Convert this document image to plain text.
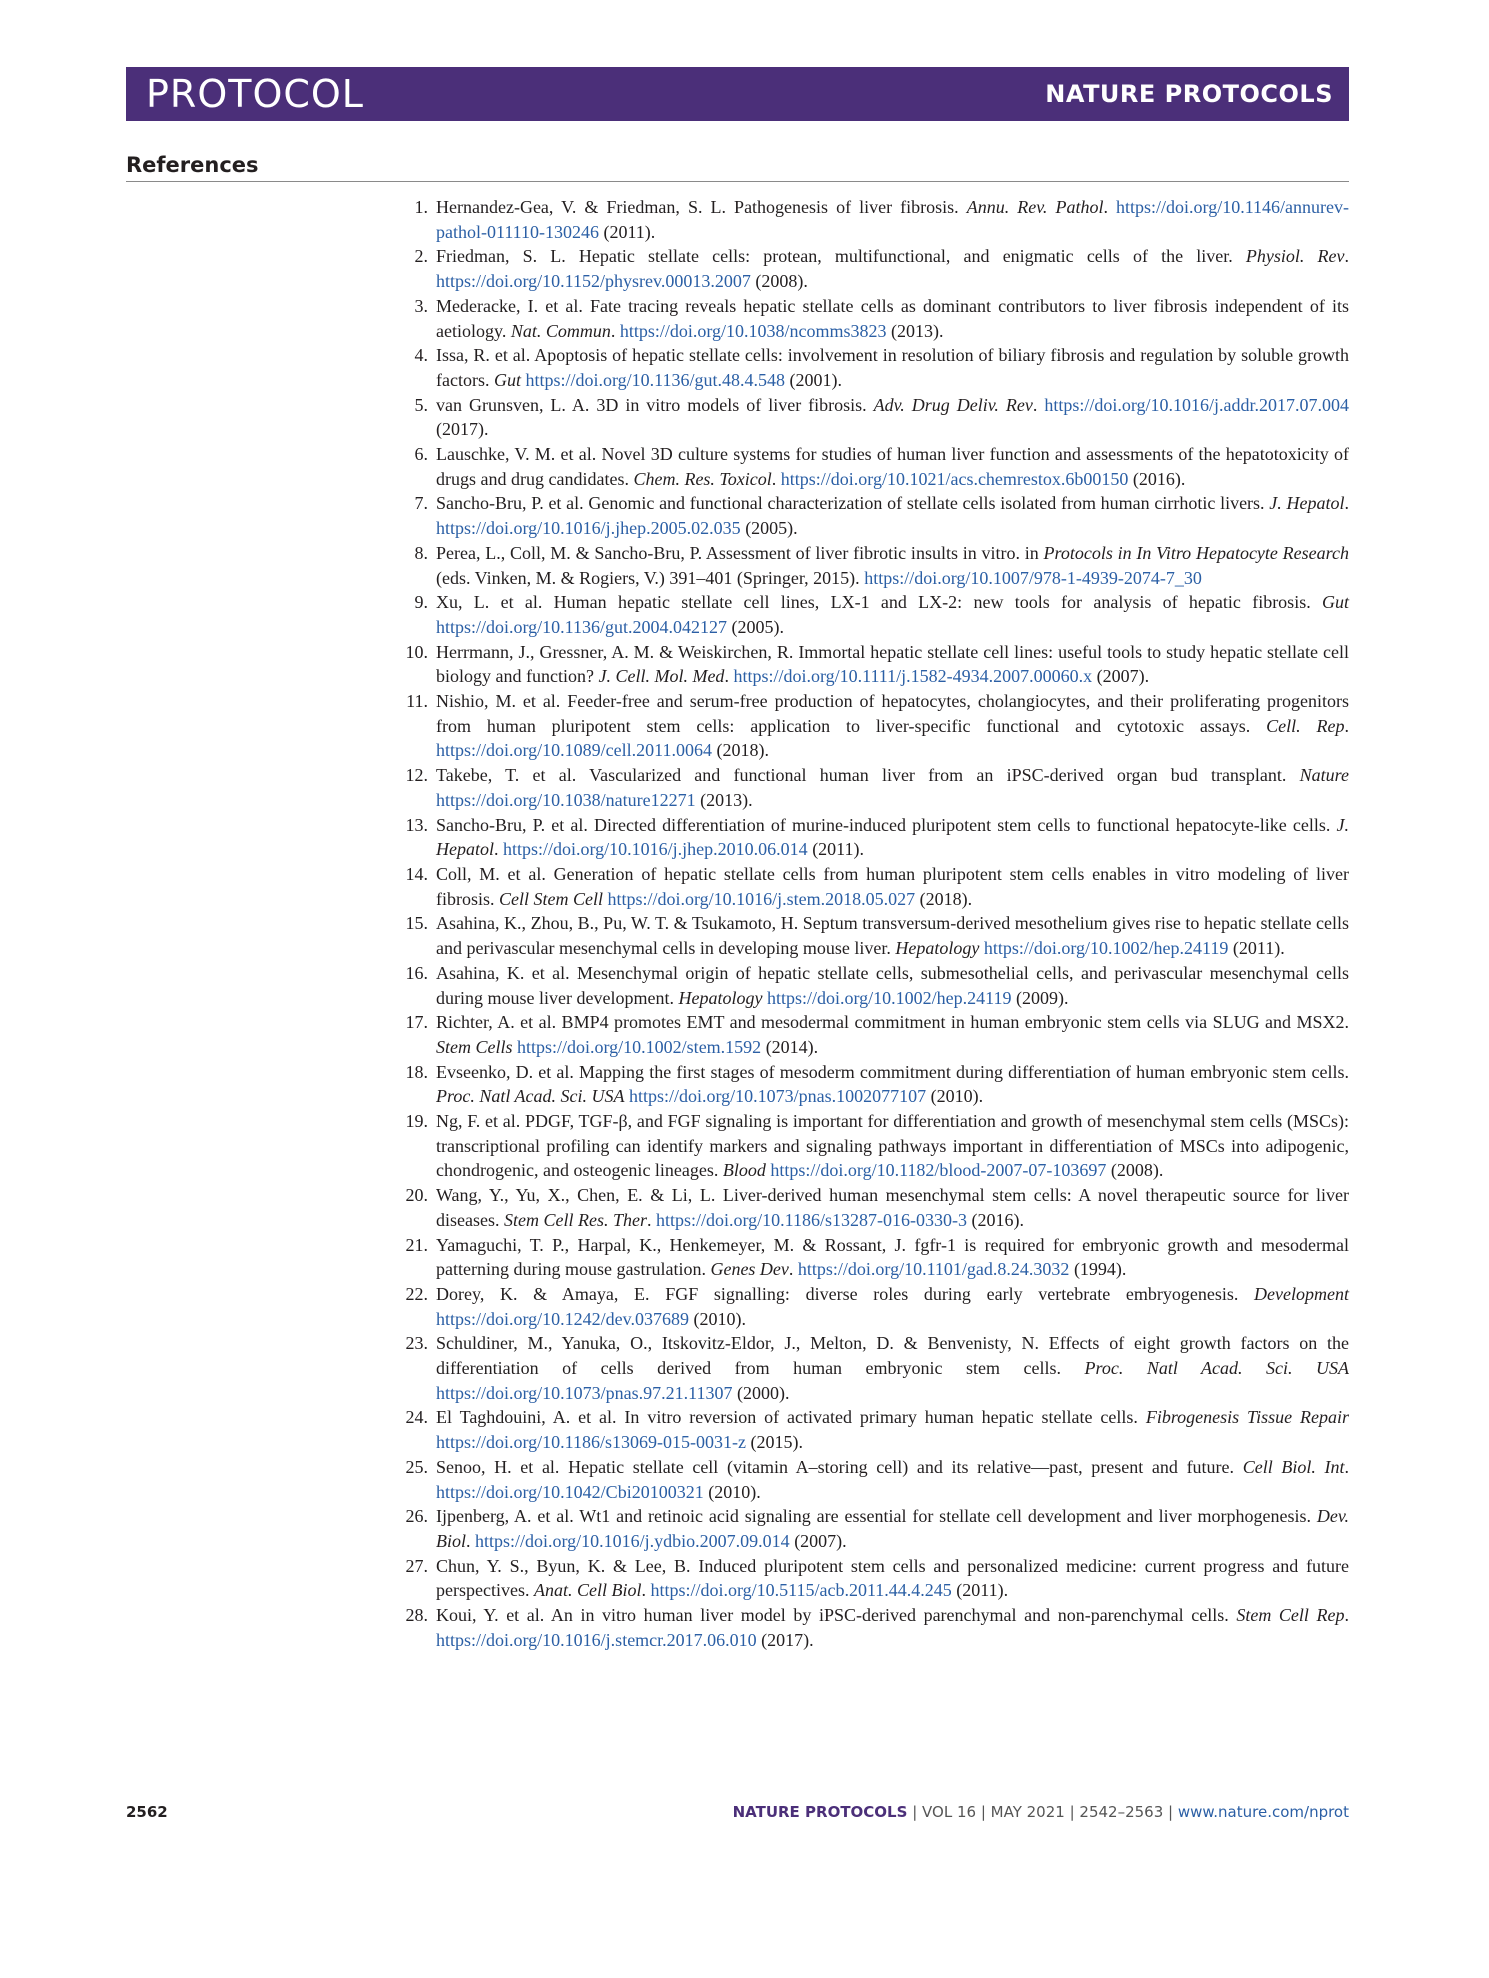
PROTOCOL	NATURE PROTOCOLS
References
1. Hernandez-Gea, V. & Friedman, S. L. Pathogenesis of liver fibrosis. Annu. Rev. Pathol. https://doi.org/10.1146/annurev-pathol-011110-130246 (2011).
2. Friedman, S. L. Hepatic stellate cells: protean, multifunctional, and enigmatic cells of the liver. Physiol. Rev. https://doi.org/10.1152/physrev.00013.2007 (2008).
3. Mederacke, I. et al. Fate tracing reveals hepatic stellate cells as dominant contributors to liver fibrosis independent of its aetiology. Nat. Commun. https://doi.org/10.1038/ncomms3823 (2013).
4. Issa, R. et al. Apoptosis of hepatic stellate cells: involvement in resolution of biliary fibrosis and regulation by soluble growth factors. Gut https://doi.org/10.1136/gut.48.4.548 (2001).
5. van Grunsven, L. A. 3D in vitro models of liver fibrosis. Adv. Drug Deliv. Rev. https://doi.org/10.1016/j.addr.2017.07.004 (2017).
6. Lauschke, V. M. et al. Novel 3D culture systems for studies of human liver function and assessments of the hepatotoxicity of drugs and drug candidates. Chem. Res. Toxicol. https://doi.org/10.1021/acs.chemrestox.6b00150 (2016).
7. Sancho-Bru, P. et al. Genomic and functional characterization of stellate cells isolated from human cirrhotic livers. J. Hepatol. https://doi.org/10.1016/j.jhep.2005.02.035 (2005).
8. Perea, L., Coll, M. & Sancho-Bru, P. Assessment of liver fibrotic insults in vitro. in Protocols in In Vitro Hepatocyte Research (eds. Vinken, M. & Rogiers, V.) 391–401 (Springer, 2015). https://doi.org/10.1007/978-1-4939-2074-7_30
9. Xu, L. et al. Human hepatic stellate cell lines, LX-1 and LX-2: new tools for analysis of hepatic fibrosis. Gut https://doi.org/10.1136/gut.2004.042127 (2005).
10. Herrmann, J., Gressner, A. M. & Weiskirchen, R. Immortal hepatic stellate cell lines: useful tools to study hepatic stellate cell biology and function? J. Cell. Mol. Med. https://doi.org/10.1111/j.1582-4934.2007.00060.x (2007).
11. Nishio, M. et al. Feeder-free and serum-free production of hepatocytes, cholangiocytes, and their proliferating progenitors from human pluripotent stem cells: application to liver-specific functional and cytotoxic assays. Cell. Rep. https://doi.org/10.1089/cell.2011.0064 (2018).
12. Takebe, T. et al. Vascularized and functional human liver from an iPSC-derived organ bud transplant. Nature https://doi.org/10.1038/nature12271 (2013).
13. Sancho-Bru, P. et al. Directed differentiation of murine-induced pluripotent stem cells to functional hepatocyte-like cells. J. Hepatol. https://doi.org/10.1016/j.jhep.2010.06.014 (2011).
14. Coll, M. et al. Generation of hepatic stellate cells from human pluripotent stem cells enables in vitro modeling of liver fibrosis. Cell Stem Cell https://doi.org/10.1016/j.stem.2018.05.027 (2018).
15. Asahina, K., Zhou, B., Pu, W. T. & Tsukamoto, H. Septum transversum-derived mesothelium gives rise to hepatic stellate cells and perivascular mesenchymal cells in developing mouse liver. Hepatology https://doi.org/10.1002/hep.24119 (2011).
16. Asahina, K. et al. Mesenchymal origin of hepatic stellate cells, submesothelial cells, and perivascular mesenchymal cells during mouse liver development. Hepatology https://doi.org/10.1002/hep.24119 (2009).
17. Richter, A. et al. BMP4 promotes EMT and mesodermal commitment in human embryonic stem cells via SLUG and MSX2. Stem Cells https://doi.org/10.1002/stem.1592 (2014).
18. Evseenko, D. et al. Mapping the first stages of mesoderm commitment during differentiation of human embryonic stem cells. Proc. Natl Acad. Sci. USA https://doi.org/10.1073/pnas.1002077107 (2010).
19. Ng, F. et al. PDGF, TGF-β, and FGF signaling is important for differentiation and growth of mesenchymal stem cells (MSCs): transcriptional profiling can identify markers and signaling pathways important in differentiation of MSCs into adipogenic, chondrogenic, and osteogenic lineages. Blood https://doi.org/10.1182/blood-2007-07-103697 (2008).
20. Wang, Y., Yu, X., Chen, E. & Li, L. Liver-derived human mesenchymal stem cells: A novel therapeutic source for liver diseases. Stem Cell Res. Ther. https://doi.org/10.1186/s13287-016-0330-3 (2016).
21. Yamaguchi, T. P., Harpal, K., Henkemeyer, M. & Rossant, J. fgfr-1 is required for embryonic growth and mesodermal patterning during mouse gastrulation. Genes Dev. https://doi.org/10.1101/gad.8.24.3032 (1994).
22. Dorey, K. & Amaya, E. FGF signalling: diverse roles during early vertebrate embryogenesis. Development https://doi.org/10.1242/dev.037689 (2010).
23. Schuldiner, M., Yanuka, O., Itskovitz-Eldor, J., Melton, D. & Benvenisty, N. Effects of eight growth factors on the differentiation of cells derived from human embryonic stem cells. Proc. Natl Acad. Sci. USA https://doi.org/10.1073/pnas.97.21.11307 (2000).
24. El Taghdouini, A. et al. In vitro reversion of activated primary human hepatic stellate cells. Fibrogenesis Tissue Repair https://doi.org/10.1186/s13069-015-0031-z (2015).
25. Senoo, H. et al. Hepatic stellate cell (vitamin A–storing cell) and its relative—past, present and future. Cell Biol. Int. https://doi.org/10.1042/Cbi20100321 (2010).
26. Ijpenberg, A. et al. Wt1 and retinoic acid signaling are essential for stellate cell development and liver morphogenesis. Dev. Biol. https://doi.org/10.1016/j.ydbio.2007.09.014 (2007).
27. Chun, Y. S., Byun, K. & Lee, B. Induced pluripotent stem cells and personalized medicine: current progress and future perspectives. Anat. Cell Biol. https://doi.org/10.5115/acb.2011.44.4.245 (2011).
28. Koui, Y. et al. An in vitro human liver model by iPSC-derived parenchymal and non-parenchymal cells. Stem Cell Rep. https://doi.org/10.1016/j.stemcr.2017.06.010 (2017).
2562	NATURE PROTOCOLS | VOL 16 | MAY 2021 | 2542–2563 | www.nature.com/nprot
